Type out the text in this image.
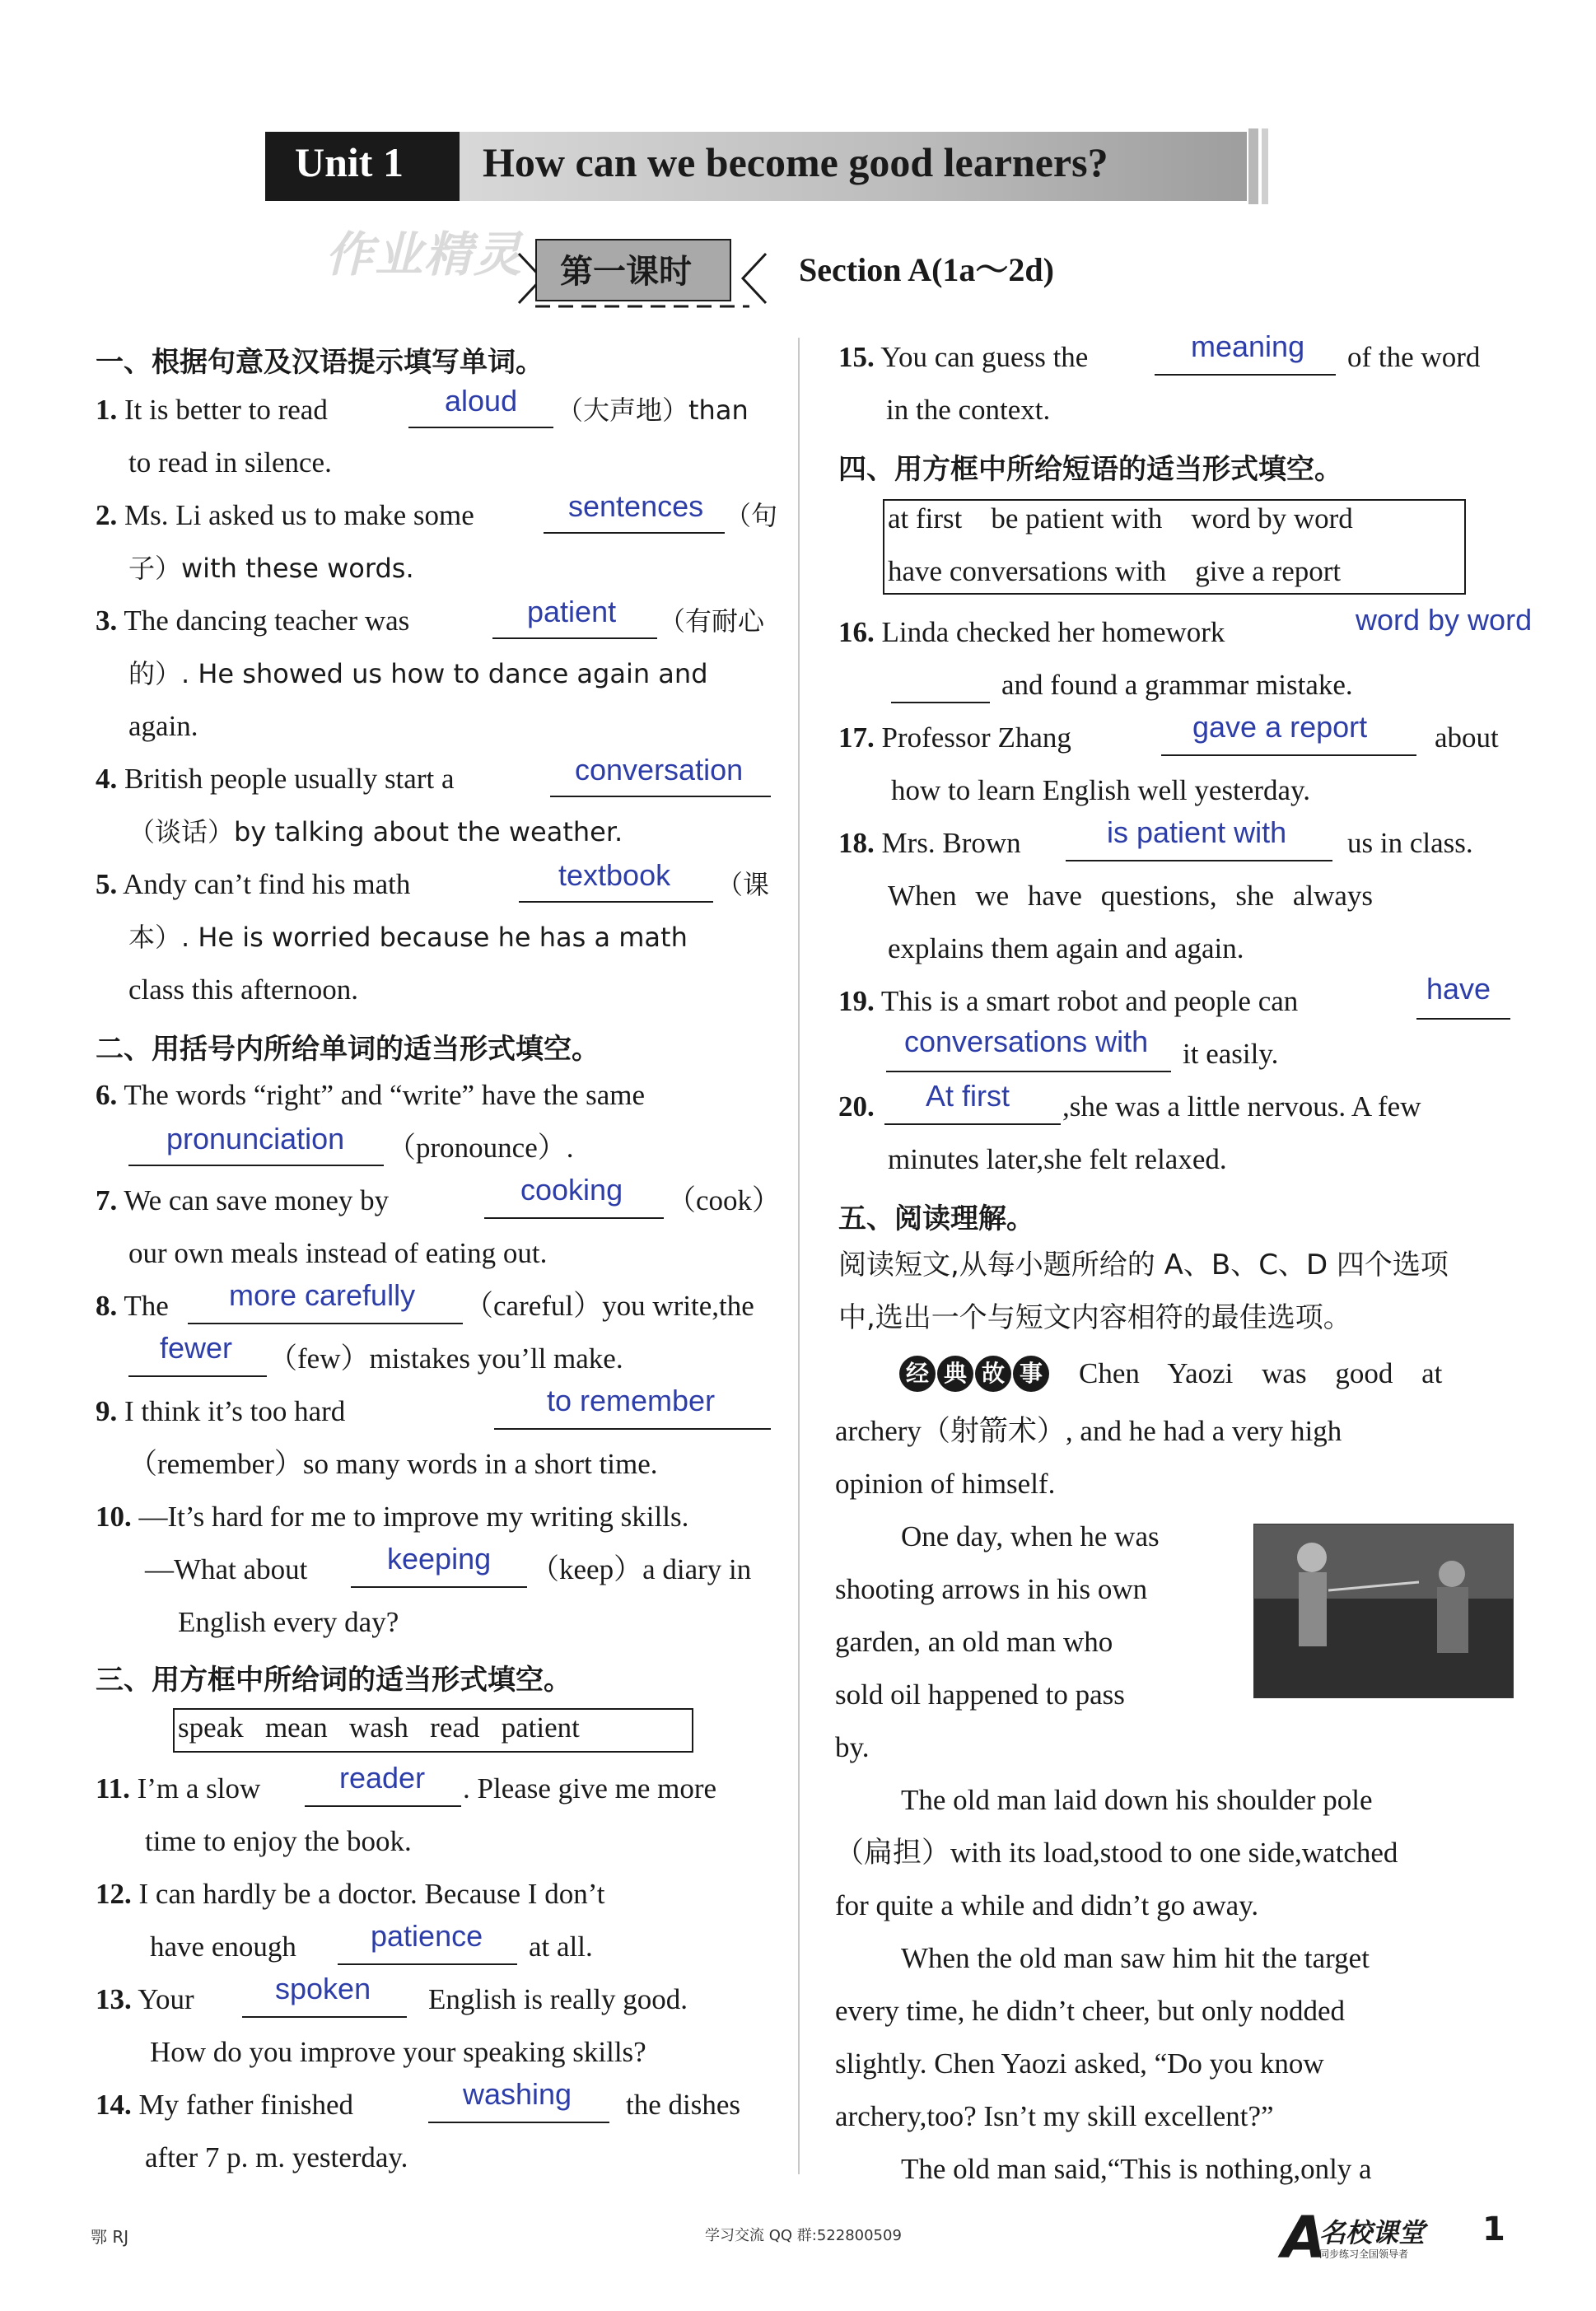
Unit 1 How can we become good learners?
作业精灵 第一课时	Section A(1a～2d)
一、根据句意及汉语提示填写单词。
1. It is better to read	aloud （大声地）than
to read in silence.
2. Ms. Li asked us to make some	sentences （句
子）with these words.
3. The dancing teacher was	patient （有耐心
的）. He showed us how to dance again and
again.
4. British people usually start a	conversation
（谈话）by talking about the weather.
5. Andy can’t find his math	textbook （课
本）. He is worried because he has a math
class this afternoon.
二、用括号内所给单词的适当形式填空。
6. The words “right” and “write” have the same
pronunciation （pronounce）.
7. We can save money by	cooking （cook）
our own meals instead of eating out.
8. The more carefully （careful）you write,the
fewer （few）mistakes you’ll make.
9. I think it’s too hard	to remember
（remember）so many words in a short time.
10. —It’s hard for me to improve my writing skills.
—What about	keeping （keep）a diary in
English every day?
三、用方框中所给词的适当形式填空。
speak   mean   wash   read   patient
11. I’m a slow	reader . Please give me more
time to enjoy the book.
12. I can hardly be a doctor. Because I don’t
have enough	patience at all.
13. Your	spoken English is really good.
How do you improve your speaking skills?
14. My father finished	washing the dishes
after 7 p. m. yesterday.
15. You can guess the	meaning of the word
in the context.
四、用方框中所给短语的适当形式填空。
at first    be patient with    word by word
have conversations with    give a report
16. Linda checked her homework	word by word
and found a grammar mistake.
17. Professor Zhang	gave a report about
how to learn English well yesterday.
18. Mrs. Brown	is patient with us in class.
When we have questions, she always
explains them again and again.
19. This is a smart robot and people can	have
conversations with it easily.
20. At first ,she was a little nervous. A few
minutes later,she felt relaxed.
五、阅读理解。
阅读短文,从每小题所给的 A、B、C、D 四个选项
中,选出一个与短文内容相符的最佳选项。
经 典 故 事 Chen Yaozi was good at
archery（射箭术）, and he had a very high
opinion of himself.
One day, when he was
shooting arrows in his own
garden, an old man who
sold oil happened to pass
by.
The old man laid down his shoulder pole
（扁担）with its load,stood to one side,watched
for quite a while and didn’t go away.
When the old man saw him hit the target
every time, he didn’t cheer, but only nodded
slightly. Chen Yaozi asked, “Do you know
archery,too? Isn’t my skill excellent?”
The old man said,“This is nothing,only a
鄂 RJ	学习交流 QQ 群:522800509	A
名校课堂
同步练习全国领导者
1
